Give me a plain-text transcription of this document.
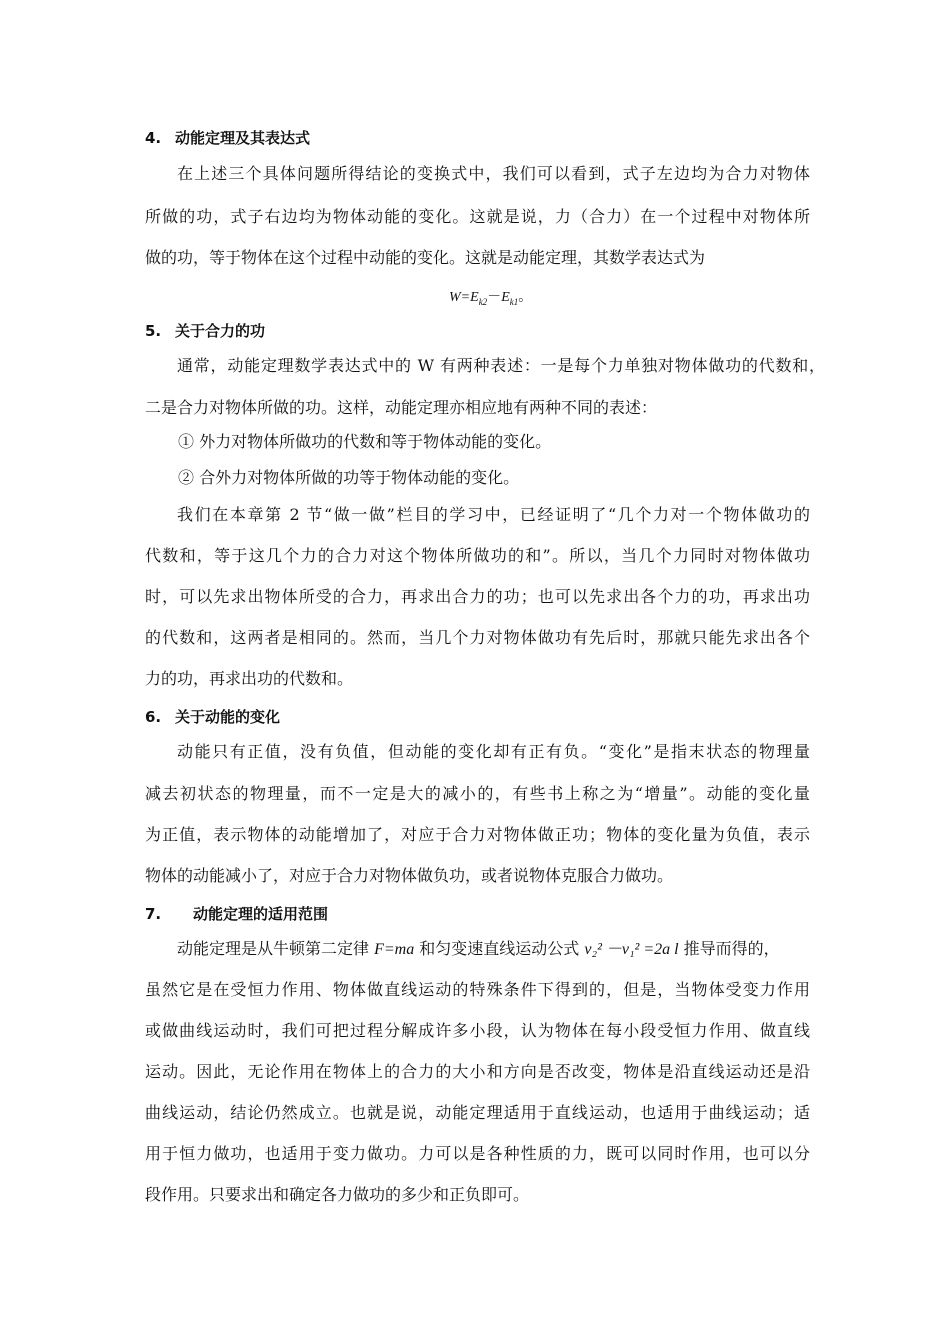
4. 动能定理及其表达式
在上述三个具体问题所得结论的变换式中，我们可以看到，式子左边均为合力对物体
所做的功，式子右边均为物体动能的变化。这就是说，力（合力）在一个过程中对物体所
做的功，等于物体在这个过程中动能的变化。这就是动能定理，其数学表达式为
$W=E_{k2}-E_{k1}$。
5. 关于合力的功
通常，动能定理数学表达式中的 W 有两种表述：一是每个力单独对物体做功的代数和，
二是合力对物体所做的功。这样，动能定理亦相应地有两种不同的表述：
① 外力对物体所做功的代数和等于物体动能的变化。
② 合外力对物体所做的功等于物体动能的变化。
我们在本章第 2 节“做一做”栏目的学习中，已经证明了“几个力对一个物体做功的
代数和，等于这几个力的合力对这个物体所做功的和”。所以，当几个力同时对物体做功
时，可以先求出物体所受的合力，再求出合力的功；也可以先求出各个力的功，再求出功
的代数和，这两者是相同的。然而，当几个力对物体做功有先后时，那就只能先求出各个
力的功，再求出功的代数和。
6. 关于动能的变化
动能只有正值，没有负值，但动能的变化却有正有负。“变化”是指末状态的物理量
减去初状态的物理量，而不一定是大的减小的，有些书上称之为“增量”。动能的变化量
为正值，表示物体的动能增加了，对应于合力对物体做正功；物体的变化量为负值，表示
物体的动能减小了，对应于合力对物体做负功，或者说物体克服合力做功。
7. 动能定理的适用范围
动能定理是从牛顿第二定律 F=ma 和匀变速直线运动公式 v₂² －v₁² =2a l 推导而得的，
虽然它是在受恒力作用、物体做直线运动的特殊条件下得到的，但是，当物体受变力作用
或做曲线运动时，我们可把过程分解成许多小段，认为物体在每小段受恒力作用、做直线
运动。因此，无论作用在物体上的合力的大小和方向是否改变，物体是沿直线运动还是沿
曲线运动，结论仍然成立。也就是说，动能定理适用于直线运动，也适用于曲线运动；适
用于恒力做功，也适用于变力做功。力可以是各种性质的力，既可以同时作用，也可以分
段作用。只要求出和确定各力做功的多少和正负即可。
